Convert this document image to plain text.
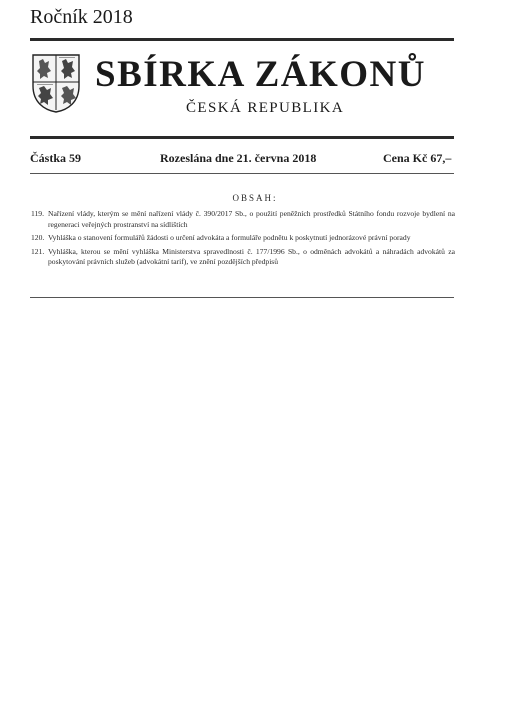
Ročník 2018
SBÍRKA ZÁKONŮ
ČESKÁ REPUBLIKA
Částka 59	Rozeslána dne 21. června 2018	Cena Kč 67,–
OBSAH:
119. Nařízení vlády, kterým se mění nařízení vlády č. 390/2017 Sb., o použití peněžních prostředků Státního fondu rozvoje bydlení na regeneraci veřejných prostranství na sídlištích
120. Vyhláška o stanovení formulářů žádosti o určení advokáta a formuláře podnětu k poskytnutí jednorázové právní porady
121. Vyhláška, kterou se mění vyhláška Ministerstva spravedlnosti č. 177/1996 Sb., o odměnách advokátů a náhradách advokátů za poskytování právních služeb (advokátní tarif), ve znění pozdějších předpisů
